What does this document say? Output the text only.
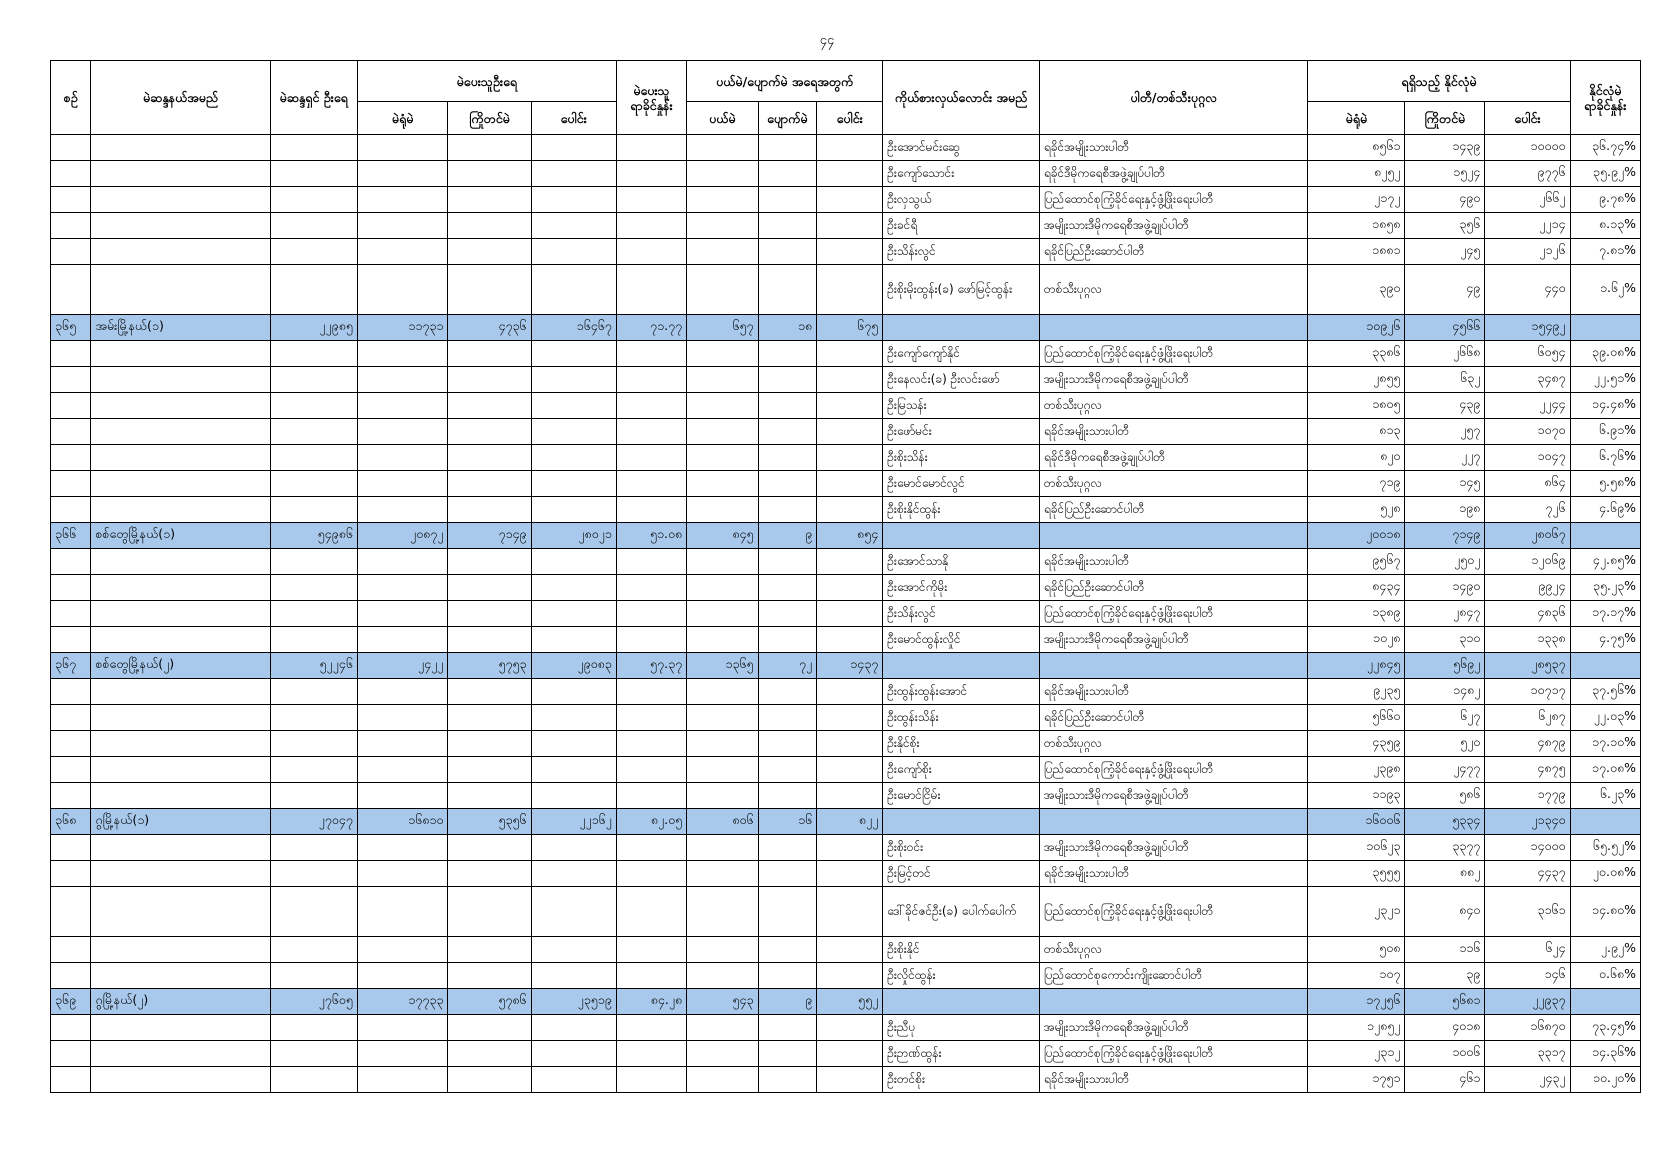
၄၄
စဉ်	မဲဆန္ဒနယ်အမည်	မဲဆန္ဒရှင် ဦးရေ	မဲပေးသူဦးရေ			မဲပေးသူ ရာခိုင်နှုန်း	ပယ်မဲ/ပျောက်မဲ အရေအတွက်			ကိုယ်စားလှယ်လောင်း အမည်	ပါတီ/တစ်သီးပုဂ္ဂလ	ရရှိသည့် နိုင်လုံမဲ			နိုင်လုံမဲ ရာခိုင်နှုန်း
			မဲရုံမဲ	ကြိုတင်မဲ	ပေါင်း		ပယ်မဲ	ပျောက်မဲ	ပေါင်း			မဲရုံမဲ	ကြိုတင်မဲ	ပေါင်း	
										ဦးအောင်မင်းဆွေ	ရခိုင်အမျိုးသားပါတီ	၈၅၆၁	၁၄၃၉	၁၀၀၀၀	၃၆.၇၄%
										ဦးကျော်သောင်း	ရခိုင်ဒီမိုကရေစီအဖွဲ့ချုပ်ပါတီ	၈၂၅၂	၁၅၂၄	၉၇၇၆	၃၅.၉၂%
										ဦးလှသွယ်	ပြည်ထောင်စုကြံ့ခိုင်ရေးနှင့်ဖွံ့ဖြိုးရေးပါတီ	၂၁၇၂	၄၉၀	၂၆၆၂	၉.၇၈%
										ဦးခင်ရီ	အမျိုးသားဒီမိုကရေစီအဖွဲ့ချုပ်ပါတီ	၁၈၅၈	၃၅၆	၂၂၁၄	၈.၁၃%
										ဦးသိန်းလွင်	ရခိုင်ပြည်ဦးဆောင်ပါတီ	၁၈၈၁	၂၄၅	၂၁၂၆	၇.၈၁%
										ဦးစိုးမိုးထွန်း(ခ) ဖော်မြင့်ထွန်း	တစ်သီးပုဂ္ဂလ	၃၉၀	၄၉	၄၄၀	၁.၆၂%
၃၆၅	အမ်းမြို့နယ်(၁)	၂၂၉၈၅	၁၁၇၃၁	၄၇၃၆	၁၆၄၆၇	၇၁.၇၇	၆၅၇	၁၈	၆၇၅			၁၀၉၂၆	၄၅၆၆	၁၅၄၉၂	
										ဦးကျော်ကျော်နိုင်	ပြည်ထောင်စုကြံ့ခိုင်ရေးနှင့်ဖွံ့ဖြိုးရေးပါတီ	၃၃၈၆	၂၆၆၈	၆၀၅၄	၃၉.၀၈%
										ဦးနေလင်း(ခ) ဦးလင်းဖော်	အမျိုးသားဒီမိုကရေစီအဖွဲ့ချုပ်ပါတီ	၂၈၅၅	၆၃၂	၃၄၈၇	၂၂.၅၁%
										ဦးမြသန်း	တစ်သီးပုဂ္ဂလ	၁၈၀၅	၄၃၉	၂၂၄၄	၁၄.၄၈%
										ဦးဖော်မင်း	ရခိုင်အမျိုးသားပါတီ	၈၁၃	၂၅၇	၁၀၇၀	၆.၉၁%
										ဦးစိုးသိန်း	ရခိုင်ဒီမိုကရေစီအဖွဲ့ချုပ်ပါတီ	၈၂၀	၂၂၇	၁၀၄၇	၆.၇၆%
										ဦးမောင်မောင်လွင်	တစ်သီးပုဂ္ဂလ	၇၁၉	၁၄၅	၈၆၄	၅.၅၈%
										ဦးစိုးနိုင်ထွန်း	ရခိုင်ပြည်ဦးဆောင်ပါတီ	၅၂၈	၁၉၈	၇၂၆	၄.၆၉%
၃၆၆	စစ်တွေမြို့နယ်(၁)	၅၄၉၈၆	၂၀၈၇၂	၇၁၄၉	၂၈၀၂၁	၅၁.၀၈	၈၄၅	၉	၈၅၄			၂၀၀၁၈	၇၁၄၉	၂၈၀၆၇	
										ဦးအောင်သာနို	ရခိုင်အမျိုးသားပါတီ	၉၅၆၇	၂၅၀၂	၁၂၀၆၉	၄၂.၈၅%
										ဦးအောင်ကိုမိုး	ရခိုင်ပြည်ဦးဆောင်ပါတီ	၈၄၃၄	၁၄၉၀	၉၉၂၄	၃၅.၂၃%
										ဦးသိန်းလွင်	ပြည်ထောင်စုကြံ့ခိုင်ရေးနှင့်ဖွံ့ဖြိုးရေးပါတီ	၁၃၈၉	၂၈၄၇	၄၈၃၆	၁၇.၁၇%
										ဦးမောင်ထွန်းလှိုင်	အမျိုးသားဒီမိုကရေစီအဖွဲ့ချုပ်ပါတီ	၁၀၂၈	၃၁၀	၁၃၃၈	၄.၇၅%
၃၆၇	စစ်တွေမြို့နယ်(၂)	၅၂၂၄၆	၂၄၂၂	၅၇၅၃	၂၉၀၈၃	၅၇.၃၇	၁၃၆၅	၇၂	၁၄၃၇			၂၂၈၄၅	၅၆၉၂	၂၈၅၃၇	
										ဦးထွန်းထွန်းအောင်	ရခိုင်အမျိုးသားပါတီ	၉၂၃၅	၁၄၈၂	၁၀၇၁၇	၃၇.၅၆%
										ဦးထွန်းသိန်း	ရခိုင်ပြည်ဦးဆောင်ပါတီ	၅၆၆၀	၆၂၇	၆၂၈၇	၂၂.၀၃%
										ဦးနိုင်စိုး	တစ်သီးပုဂ္ဂလ	၄၃၅၉	၅၂၀	၄၈၇၉	၁၇.၁၀%
										ဦးကျော်စိုး	ပြည်ထောင်စုကြံ့ခိုင်ရေးနှင့်ဖွံ့ဖြိုးရေးပါတီ	၂၃၉၈	၂၄၇၇	၄၈၇၅	၁၇.၀၈%
										ဦးမောင်ငြိမ်း	အမျိုးသားဒီမိုကရေစီအဖွဲ့ချုပ်ပါတီ	၁၁၉၃	၅၈၆	၁၇၇၉	၆.၂၃%
၃၆၈	ဂွမြို့နယ်(၁)	၂၇၀၄၇	၁၆၈၁၀	၅၃၅၆	၂၂၁၆၂	၈၂.၀၅	၈၀၆	၁၆	၈၂၂			၁၆၀၀၆	၅၃၃၄	၂၁၃၄၀	
										ဦးစိုးဝင်း	အမျိုးသားဒီမိုကရေစီအဖွဲ့ချုပ်ပါတီ	၁၀၆၂၃	၃၃၇၇	၁၄၀၀၀	၆၅.၅၂%
										ဦးမြင့်တင်	ရခိုင်အမျိုးသားပါတီ	၃၅၅၅	၈၈၂	၄၄၃၇	၂၀.၀၈%
										ဒေါ်ခိုင်ဇင်ဦး(ခ) ပေါက်ပေါက်	ပြည်ထောင်စုကြံ့ခိုင်ရေးနှင့်ဖွံ့ဖြိုးရေးပါတီ	၂၃၂၁	၈၄၀	၃၁၆၁	၁၄.၈၀%
										ဦးစိုးနိုင်	တစ်သီးပုဂ္ဂလ	၅၀၈	၁၁၆	၆၂၄	၂.၉၂%
										ဦးလှိုင်ထွန်း	ပြည်ထောင်စုကောင်းကျိုးဆောင်ပါတီ	၁၀၇	၃၉	၁၄၆	၀.၆၈%
၃၆၉	ဂွမြို့နယ်(၂)	၂၇၆၀၅	၁၇၇၃၃	၅၇၈၆	၂၃၅၁၉	၈၄.၂၈	၅၄၃	၉	၅၅၂			၁၇၂၅၆	၅၆၈၁	၂၂၉၃၇	
										ဦးညီပု	အမျိုးသားဒီမိုကရေစီအဖွဲ့ချုပ်ပါတီ	၁၂၈၅၂	၄၀၁၈	၁၆၈၇၀	၇၃.၄၅%
										ဦးဉာဏ်ထွန်း	ပြည်ထောင်စုကြံ့ခိုင်ရေးနှင့်ဖွံ့ဖြိုးရေးပါတီ	၂၃၁၂	၁၀၀၆	၃၃၁၇	၁၄.၃၆%
										ဦးတင်စိုး	ရခိုင်အမျိုးသားပါတီ	၁၇၅၁	၄၆၁	၂၄၃၂	၁၀.၂၀%
